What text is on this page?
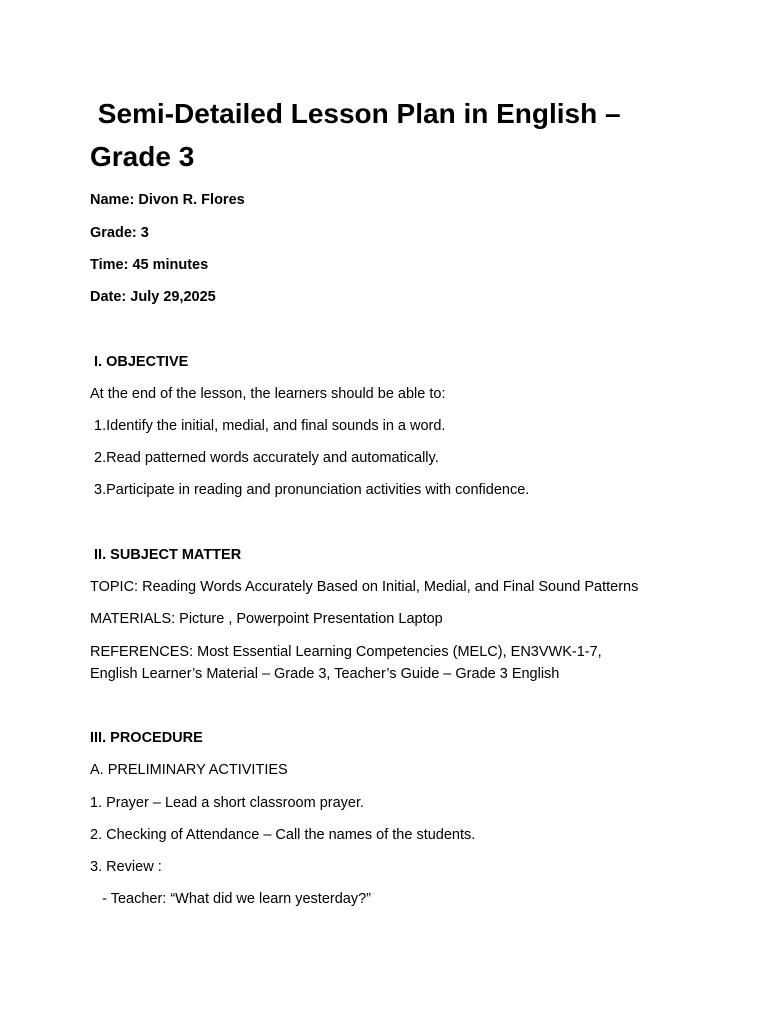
Semi-Detailed Lesson Plan in English – Grade 3

Name: Divon R. Flores

Grade: 3

Time: 45 minutes

Date: July 29,2025

I. OBJECTIVE

At the end of the lesson, the learners should be able to:

1.Identify the initial, medial, and final sounds in a word.

2.Read patterned words accurately and automatically.

3.Participate in reading and pronunciation activities with confidence.

II. SUBJECT MATTER

TOPIC: Reading Words Accurately Based on Initial, Medial, and Final Sound Patterns

MATERIALS: Picture , Powerpoint Presentation Laptop

REFERENCES: Most Essential Learning Competencies (MELC), EN3VWK-1-7, English Learner’s Material – Grade 3, Teacher’s Guide – Grade 3 English

III. PROCEDURE

A. PRELIMINARY ACTIVITIES

1. Prayer – Lead a short classroom prayer.

2. Checking of Attendance – Call the names of the students.

3. Review :

- Teacher: “What did we learn yesterday?”
